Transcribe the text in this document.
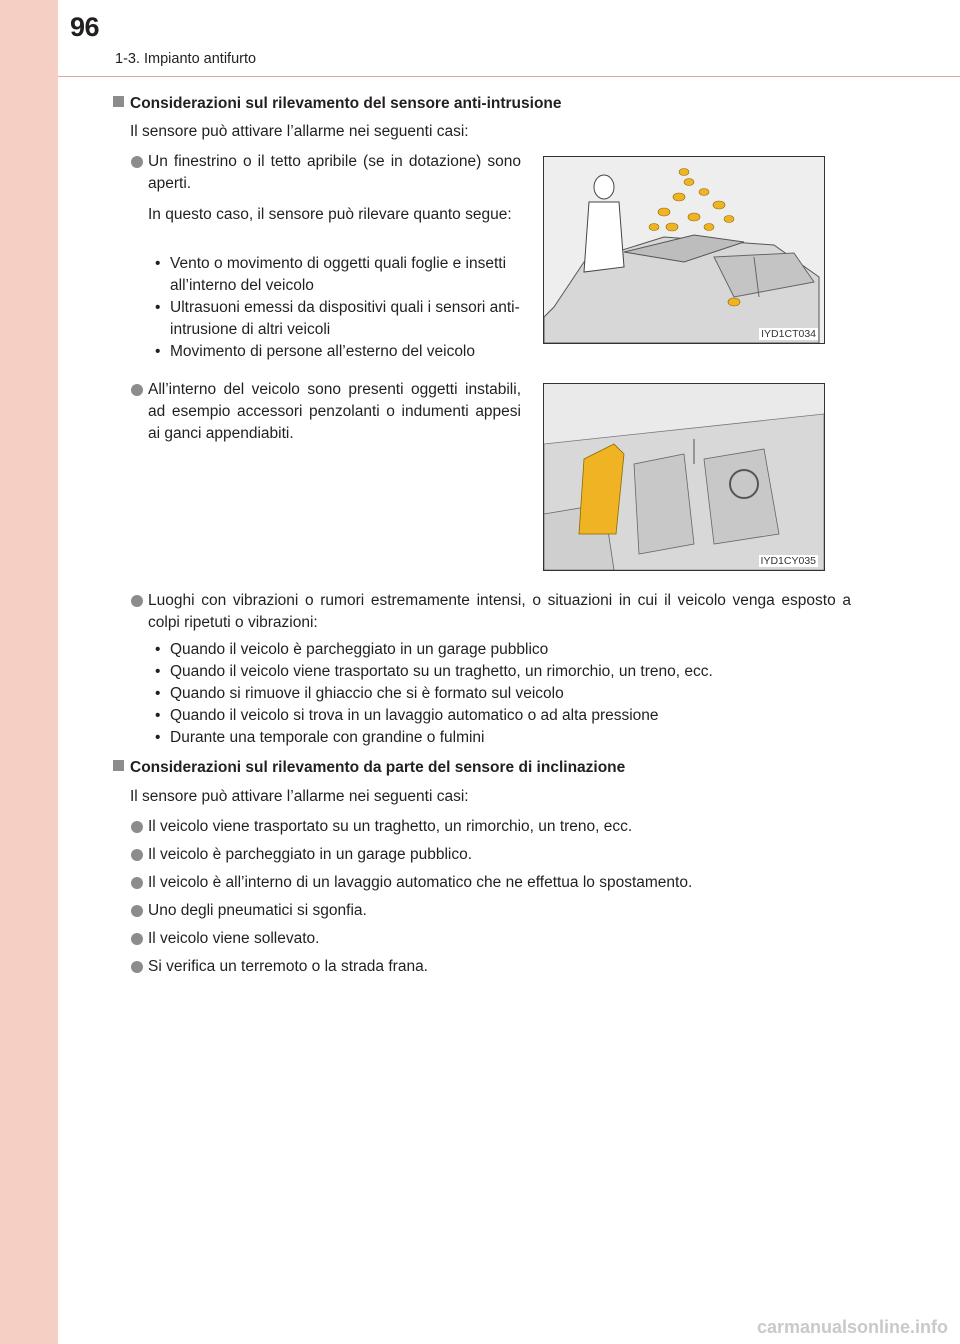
96
1-3. Impianto antifurto
Considerazioni sul rilevamento del sensore anti-intrusione
Il sensore può attivare l’allarme nei seguenti casi:
Un finestrino o il tetto apribile (se in dotazione) sono aperti.
In questo caso, il sensore può rilevare quanto segue:
• Vento o movimento di oggetti quali foglie e insetti all’interno del veicolo
• Ultrasuoni emessi da dispositivi quali i sensori anti-intrusione di altri veicoli
• Movimento di persone all’esterno del veicolo
IYD1CT034
All’interno del veicolo sono presenti oggetti instabili, ad esempio accessori penzolanti o indumenti appesi ai ganci appendiabiti.
IYD1CY035
Luoghi con vibrazioni o rumori estremamente intensi, o situazioni in cui il veicolo venga esposto a colpi ripetuti o vibrazioni:
• Quando il veicolo è parcheggiato in un garage pubblico
• Quando il veicolo viene trasportato su un traghetto, un rimorchio, un treno, ecc.
• Quando si rimuove il ghiaccio che si è formato sul veicolo
• Quando il veicolo si trova in un lavaggio automatico o ad alta pressione
• Durante una temporale con grandine o fulmini
Considerazioni sul rilevamento da parte del sensore di inclinazione
Il sensore può attivare l’allarme nei seguenti casi:
Il veicolo viene trasportato su un traghetto, un rimorchio, un treno, ecc.
Il veicolo è parcheggiato in un garage pubblico.
Il veicolo è all’interno di un lavaggio automatico che ne effettua lo spostamento.
Uno degli pneumatici si sgonfia.
Il veicolo viene sollevato.
Si verifica un terremoto o la strada frana.
carmanualsonline.info
